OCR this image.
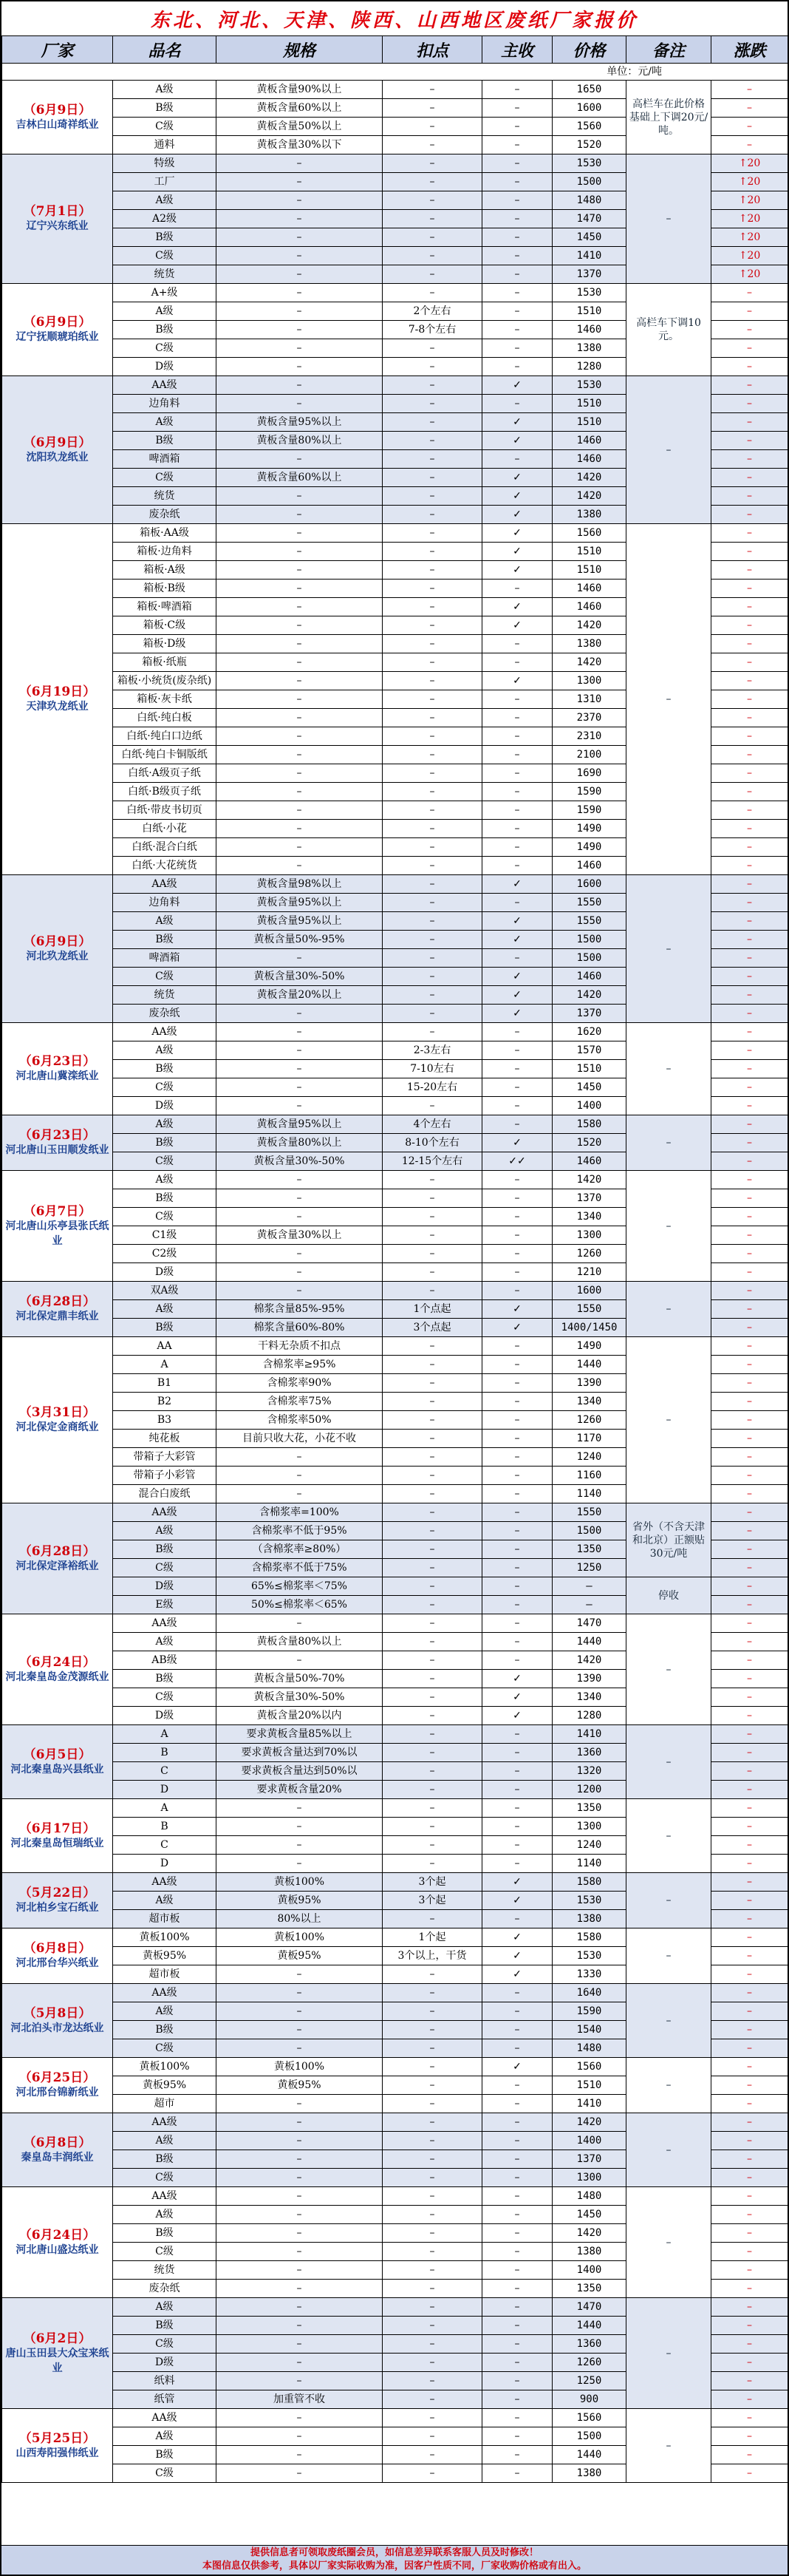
东北、河北、天津、陕西、山西地区废纸厂家报价
厂家	品名	规格	扣点	主收	价格	备注	涨跌
单位：元/吨							

（6月9日）
吉林白山琦祥纸业	A级	黄板含量90%以上	–	–	1650	高栏车在此价格基础上下调20元/吨。	–
	B级	黄板含量60%以上	–	–	1600		–
	C级	黄板含量50%以上	–	–	1560		–
	通料	黄板含量30%以下	–	–	1520		–

（7月1日）
辽宁兴东纸业	特级	–	–	–	1530	–	↑20
	工厂	–	–	–	1500		↑20
	A级	–	–	–	1480		↑20
	A2级	–	–	–	1470		↑20
	B级	–	–	–	1450		↑20
	C级	–	–	–	1410		↑20
	统货	–	–	–	1370		↑20

（6月9日）
辽宁抚顺琥珀纸业	A+级	–	–	–	1530	高栏车下调10元。	–
	A级	–	2个左右	–	1510		–
	B级	–	7-8个左右	–	1460		–
	C级	–	–	–	1380		–
	D级	–	–	–	1280		–

（6月9日）
沈阳玖龙纸业	AA级	–	–	✓	1530	–	–
	边角料	–	–	–	1510		–
	A级	黄板含量95%以上	–	✓	1510		–
	B级	黄板含量80%以上	–	✓	1460		–
	啤酒箱	–	–	–	1460		–
	C级	黄板含量60%以上	–	✓	1420		–
	统货	–	–	✓	1420		–
	废杂纸	–	–	✓	1380		–

（6月19日）
天津玖龙纸业	箱板·AA级	–	–	✓	1560	–	–
	箱板·边角料	–	–	✓	1510		–
	箱板·A级	–	–	✓	1510		–
	箱板·B级	–	–	–	1460		–
	箱板·啤酒箱	–	–	✓	1460		–
	箱板·C级	–	–	✓	1420		–
	箱板·D级	–	–	–	1380		–
	箱板·纸瓶	–	–	–	1420		–
	箱板·小统货(废杂纸)	–	–	✓	1300		–
	箱板·灰卡纸	–	–	–	1310		–
	白纸·纯白板	–	–	–	2370		–
	白纸·纯白口边纸	–	–	–	2310		–
	白纸·纯白卡铜版纸	–	–	–	2100		–
	白纸·A级页子纸	–	–	–	1690		–
	白纸·B级页子纸	–	–	–	1590		–
	白纸·带皮书切页	–	–	–	1590		–
	白纸·小花	–	–	–	1490		–
	白纸·混合白纸	–	–	–	1490		–
	白纸·大花统货	–	–	–	1460		–

（6月9日）
河北玖龙纸业	AA级	黄板含量98%以上	–	✓	1600	–	–
	边角料	黄板含量95%以上	–	–	1550		–
	A级	黄板含量95%以上	–	✓	1550		–
	B级	黄板含量50%-95%	–	✓	1500		–
	啤酒箱	–	–	–	1500		–
	C级	黄板含量30%-50%	–	✓	1460		–
	统货	黄板含量20%以上	–	✓	1420		–
	废杂纸	–	–	✓	1370		–

（6月23日）
河北唐山冀滦纸业	AA级	–	–	–	1620	–	–
	A级	–	2-3左右	–	1570		–
	B级	–	7-10左右	–	1510		–
	C级	–	15-20左右	–	1450		–
	D级	–	–	–	1400		–

（6月23日）
河北唐山玉田顺发纸业	A级	黄板含量95%以上	4个左右	–	1580	–	–
	B级	黄板含量80%以上	8-10个左右	✓	1520		–
	C级	黄板含量30%-50%	12-15个左右	✓✓	1460		–

（6月7日）
河北唐山乐亭县张氏纸业	A级	–	–	–	1420	–	–
	B级	–	–	–	1370		–
	C级	–	–	–	1340		–
	C1级	黄板含量30%以上	–	–	1300		–
	C2级	–	–	–	1260		–
	D级	–	–	–	1210		–

（6月28日）
河北保定鼎丰纸业	双A级	–	–	–	1600	–	–
	A级	棉浆含量85%-95%	1个点起	✓	1550		–
	B级	棉浆含量60%-80%	3个点起	✓	1400/1450		–

（3月31日）
河北保定金商纸业	AA	干料无杂质不扣点	–	–	1490	–	–
	A	含棉浆率≥95%	–	–	1440		–
	B1	含棉浆率90%	–	–	1390		–
	B2	含棉浆率75%	–	–	1340		–
	B3	含棉浆率50%	–	–	1260		–
	纯花板	目前只收大花，小花不收	–	–	1170		–
	带箱子大彩管	–	–	–	1240		–
	带箱子小彩管	–	–	–	1160		–
	混合白废纸	–	–	–	1140		–

（6月28日）
河北保定泽裕纸业	AA级	含棉浆率=100%	–	–	1550	省外（不含天津和北京）正额贴30元/吨	–
	A级	含棉浆率不低于95%	–	–	1500		–
	B级	（含棉浆率≥80%）	–	–	1350		–
	C级	含棉浆率不低于75%	–	–	1250		–
	D级	65%≤棉浆率＜75%	–	–	–	停收	–
	E级	50%≤棉浆率＜65%	–	–	–		–

（6月24日）
河北秦皇岛金茂源纸业	AA级	–	–	–	1470	–	–
	A级	黄板含量80%以上	–	–	1440		–
	AB级	–	–	–	1420		–
	B级	黄板含量50%-70%	–	✓	1390		–
	C级	黄板含量30%-50%	–	✓	1340		–
	D级	黄板含量20%以内	–	✓	1280		–

（6月5日）
河北秦皇岛兴县纸业	A	要求黄板含量85%以上	–	–	1410	–	–
	B	要求黄板含量达到70%以	–	–	1360		–
	C	要求黄板含量达到50%以	–	–	1320		–
	D	要求黄板含量20%	–	–	1200		–

（6月17日）
河北秦皇岛恒瑞纸业	A	–	–	–	1350	–	–
	B	–	–	–	1300		–
	C	–	–	–	1240		–
	D	–	–	–	1140		–

（5月22日）
河北柏乡宝石纸业	AA级	黄板100%	3个起	✓	1580	–	–
	A级	黄板95%	3个起	✓	1530		–
	超市板	80%以上	–	–	1380		–

（6月8日）
河北邢台华兴纸业	黄板100%	黄板100%	1个起	✓	1580	–	–
	黄板95%	黄板95%	3个以上，干货	✓	1530		–
	超市板	–	–	✓	1330		–

（5月8日）
河北泊头市龙达纸业	AA级	–	–	–	1640	–	–
	A级	–	–	–	1590		–
	B级	–	–	–	1540		–
	C级	–	–	–	1480		–

（6月25日）
河北邢台锦新纸业	黄板100%	黄板100%	–	✓	1560	–	–
	黄板95%	黄板95%	–	–	1510		–
	超市	–	–	–	1410		–

（6月8日）
秦皇岛丰润纸业	AA级	–	–	–	1420	–	–
	A级	–	–	–	1400		–
	B级	–	–	–	1370		–
	C级	–	–	–	1300		–

（6月24日）
河北唐山盛达纸业	AA级	–	–	–	1480	–	–
	A级	–	–	–	1450		–
	B级	–	–	–	1420		–
	C级	–	–	–	1380		–
	统货	–	–	–	1400		–
	废杂纸	–	–	–	1350		–

（6月2日）
唐山玉田县大众宝来纸业	A级	–	–	–	1470	–	–
	B级	–	–	–	1440		–
	C级	–	–	–	1360		–
	D级	–	–	–	1260		–
	纸料	–	–	–	1250		–
	纸管	加重管不收	–	–	900		–

（5月25日）
山西寿阳强伟纸业	AA级	–	–	–	1560	–	–
	A级	–	–	–	1500		–
	B级	–	–	–	1440		–
	C级	–	–	–	1380		–
提供信息者可领取废纸圈会员，如信息差异联系客服人员及时修改！
本图信息仅供参考，具体以厂家实际收购为准，因客户性质不同，厂家收购价格或有出入。
